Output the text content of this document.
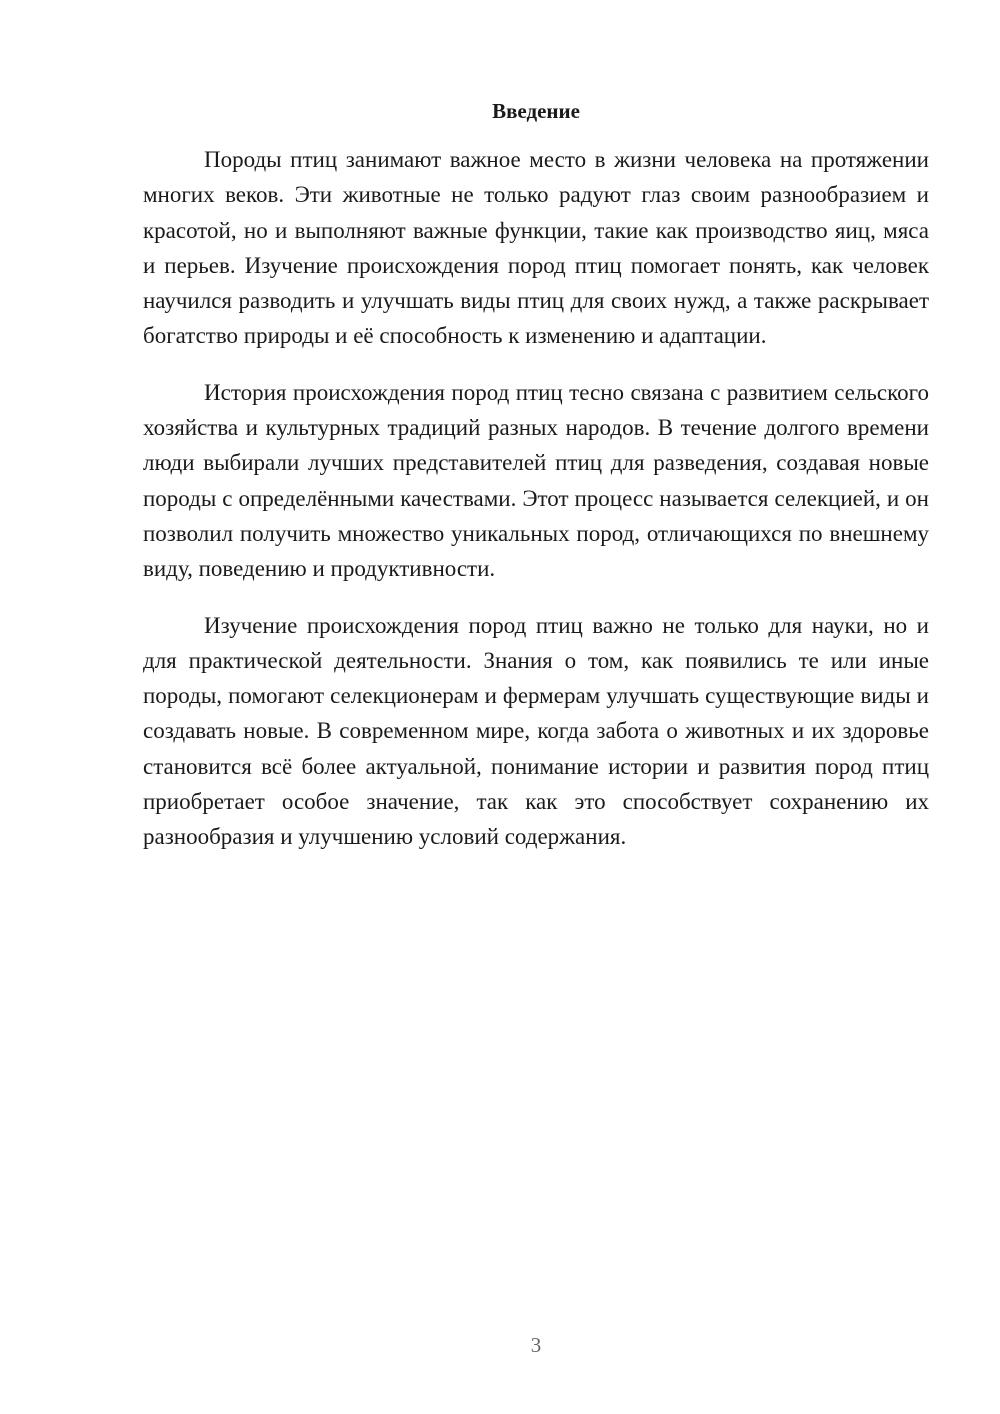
Введение

Породы птиц занимают важное место в жизни человека на протяжении многих веков. Эти животные не только радуют глаз своим разнообразием и красотой, но и выполняют важные функции, такие как производство яиц, мяса и перьев. Изучение происхождения пород птиц помогает понять, как человек научился разводить и улучшать виды птиц для своих нужд, а также раскрывает богатство природы и её способность к изменению и адаптации.

История происхождения пород птиц тесно связана с развитием сельского хозяйства и культурных традиций разных народов. В течение долгого времени люди выбирали лучших представителей птиц для разведения, создавая новые породы с определёнными качествами. Этот процесс называется селекцией, и он позволил получить множество уникальных пород, отличающихся по внешнему виду, поведению и продуктивности.

Изучение происхождения пород птиц важно не только для науки, но и для практической деятельности. Знания о том, как появились те или иные породы, помогают селекционерам и фермерам улучшать существующие виды и создавать новые. В современном мире, когда забота о животных и их здоровье становится всё более актуальной, понимание истории и развития пород птиц приобретает особое значение, так как это способствует сохранению их разнообразия и улучшению условий содержания.

3
